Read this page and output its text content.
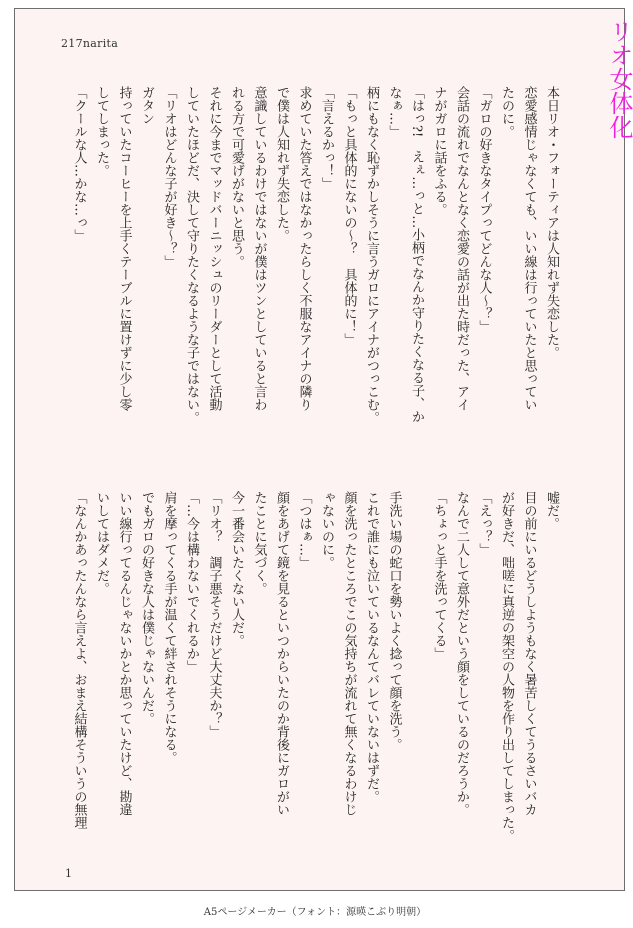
217narita	リオ女体化
本日リオ・フォーティアは人知れず失恋した。
恋愛感情じゃなくても、いい線は行っていたと思ってい
たのに。
「ガロの好きなタイプってどんな人〜？」
会話の流れでなんとなく恋愛の話が出た時だった、アイ
ナがガロに話をふる。
「はっ?!　えぇ…っと…小柄でなんか守りたくなる子、か
なぁ…」
柄にもなく恥ずかしそうに言うガロにアイナがつっこむ。
「もっと具体的にないの〜？　具体的に！」
「言えるかっ！」
求めていた答えではなかったらしく不服なアイナの隣り
で僕は人知れず失恋した。
意識しているわけではないが僕はツンとしていると言わ
れる方で可愛げがないと思う。
それに今までマッドバーニッシュのリーダーとして活動
していたほどだ、決して守りたくなるような子ではない。
「リオはどんな子が好き〜？」
ガタン
持っていたコーヒーを上手くテーブルに置けずに少し零
してしまった。
「クールな人…かな…っ」
嘘だ。
目の前にいるどうしようもなく暑苦しくてうるさいバカ
が好きだ、咄嗟に真逆の架空の人物を作り出してしまった。
「えっ？」
なんで二人して意外だという顔をしているのだろうか。
「ちょっと手を洗ってくる」

手洗い場の蛇口を勢いよく捻って顔を洗う。
これで誰にも泣いているなんてバレていないはずだ。
顔を洗ったところでこの気持ちが流れて無くなるわけじ
ゃないのに。
「つはぁ…」
顔をあげて鏡を見るといつからいたのか背後にガロがい
たことに気づく。
今一番会いたくない人だ。
「リオ？　調子悪そうだけど大丈夫か？」
「…今は構わないでくれるか」
肩を摩ってくる手が温くて絆されそうになる。
でもガロの好きな人は僕じゃないんだ。
いい線行ってるんじゃないかとか思っていたけど、勘違
いしてはダメだ。
「なんかあったんなら言えよ、おまえ結構そういうの無理
1
A5ページメーカー（フォント：源暎こぶり明朝）
